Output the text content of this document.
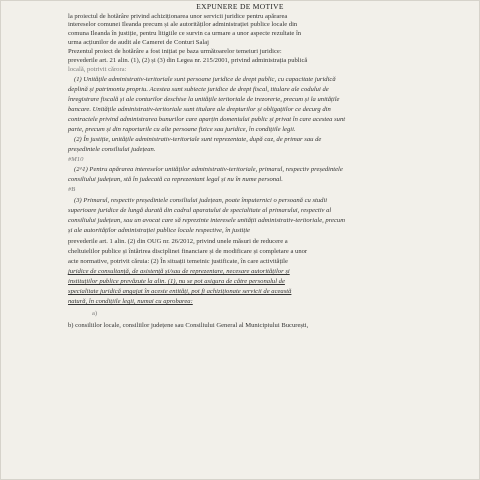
EXPUNERE DE MOTIVE
la proiectul de hotărâre privind achiziționarea unor servicii juridice pentru apărarea
intereselor comunei Ileanda precum și ale autorităților administrației publice locale din
comuna Ileanda în justiție, pentru litigiile ce survin ca urmare a unor aspecte rezultate în
urma acțiunilor de audit ale Camerei de Conturi Salaj
Prezentul proiect de hotărâre a fost inițiat pe baza următoarelor temeiuri juridice:
prevederile art. 21 alin. (1), (2) și (3) din Legea nr. 215/2001, privind administrația publică
locală, potrivit cărora:
(1) Unitățile administrativ-teritoriale sunt persoane juridice de drept public, cu capacitate juridică
deplină și patrimoniu propriu. Acestea sunt subiecte juridice de drept fiscal, titulare ale codului de
înregistrare fiscală și ale conturilor deschise la unitățile teritoriale de trezorerie, precum și la unitățile
bancare. Unitățile administrativ-teritoriale sunt titulare ale drepturilor și obligațiilor ce decurg din
contractele privind administrarea bunurilor care aparțin domeniului public și privat în care acestea sunt
parte, precum și din raporturile cu alte persoane fizice sau juridice, în condițiile legii.
(2) În justiție, unitățile administrativ-teritoriale sunt reprezentate, după caz, de primar sau de
președintele consiliului județean.
#M10
(2^1) Pentru apărarea intereselor unităților administrativ-teritoriale, primarul, respectiv președintele
consiliului județean, stă în judecată ca reprezentant legal și nu în nume personal.
#B
(3) Primarul, respectiv președintele consiliului județean, poate împuternici o persoană cu studii
superioare juridice de lungă durată din cadrul aparatului de specialitate al primarului, respectiv al
consiliului județean, sau un avocat care să reprezinte interesele unității administrativ-teritoriale, precum
și ale autorităților administrației publice locale respective, în justiție
prevederile art. 1 alin. (2) din OUG nr. 26/2012, privind unele măsuri de reducere a
cheltuielilor publice și întărirea disciplinei financiare și de modificare și completare a unor
acte normative, potrivit căruia: (2) În situații temeinic justificate, în care activitățile
juridice de consultanță, de asistență și/sau de reprezentare, necesare autorităților și
instituțiilor publice prevăzute la alin. (1), nu se pot asigura de către personalul de
specialitate juridică angajat în aceste entități, pot fi achiziționate servicii de această
natură, în condițiile legii, numai cu aprobarea:
a)
b) consiliilor locale, consiliilor județene sau Consiliului General al Municipiului București,
